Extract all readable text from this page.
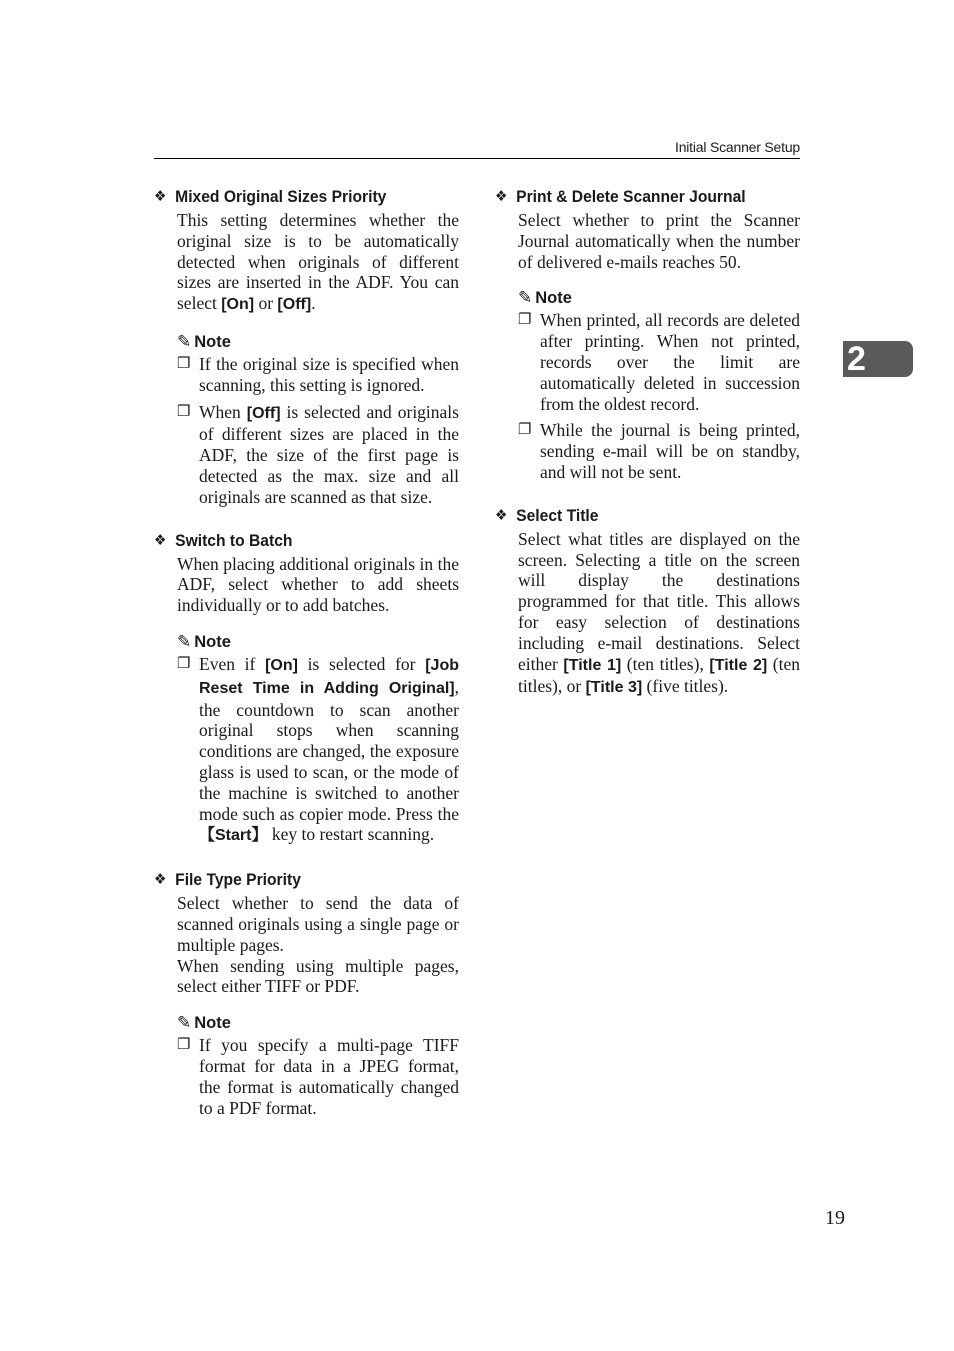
Initial Scanner Setup
2
❖ Mixed Original Sizes Priority
This setting determines whether the original size is to be automatically detected when originals of different sizes are inserted in the ADF. You can select [On] or [Off].
✎ Note
❐ If the original size is specified when scanning, this setting is ignored.
❐ When [Off] is selected and originals of different sizes are placed in the ADF, the size of the first page is detected as the max. size and all originals are scanned as that size.
❖ Switch to Batch
When placing additional originals in the ADF, select whether to add sheets individually or to add batches.
✎ Note
❐ Even if [On] is selected for [Job Reset Time in Adding Original], the countdown to scan another original stops when scanning conditions are changed, the exposure glass is used to scan, or the mode of the machine is switched to another mode such as copier mode. Press the 【Start】 key to restart scanning.
❖ File Type Priority
Select whether to send the data of scanned originals using a single page or multiple pages.
When sending using multiple pages, select either TIFF or PDF.
✎ Note
❐ If you specify a multi-page TIFF format for data in a JPEG format, the format is automatically changed to a PDF format.
❖ Print & Delete Scanner Journal
Select whether to print the Scanner Journal automatically when the number of delivered e-mails reaches 50.
✎ Note
❐ When printed, all records are deleted after printing. When not printed, records over the limit are automatically deleted in succession from the oldest record.
❐ While the journal is being printed, sending e-mail will be on standby, and will not be sent.
❖ Select Title
Select what titles are displayed on the screen. Selecting a title on the screen will display the destinations programmed for that title. This allows for easy selection of destinations including e-mail destinations. Select either [Title 1] (ten titles), [Title 2] (ten titles), or [Title 3] (five titles).
19
